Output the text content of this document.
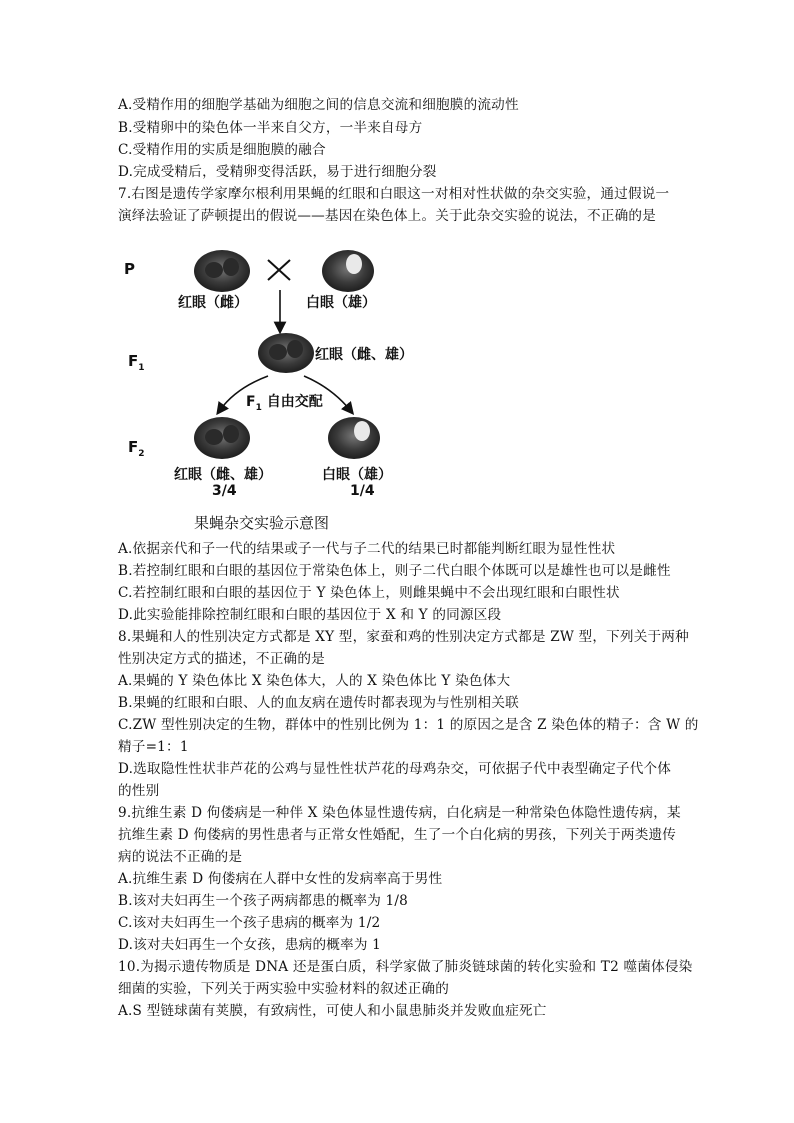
A.受精作用的细胞学基础为细胞之间的信息交流和细胞膜的流动性
B.受精卵中的染色体一半来自父方，一半来自母方
C.受精作用的实质是细胞膜的融合
D.完成受精后，受精卵变得活跃，易于进行细胞分裂
7.右图是遗传学家摩尔根利用果蝇的红眼和白眼这一对相对性状做的杂交实验，通过假说一
演绎法验证了萨顿提出的假说——基因在染色体上。关于此杂交实验的说法，不正确的是
P
红眼（雌）	白眼（雄）
$F_1$
红眼（雌、雄）
$F_1$ 自由交配
$F_2$
红眼（雌、雄）
3/4
白眼（雄）
1/4
果蝇杂交实验示意图
A.依据亲代和子一代的结果或子一代与子二代的结果已时都能判断红眼为显性性状
B.若控制红眼和白眼的基因位于常染色体上，则子二代白眼个体既可以是雄性也可以是雌性
C.若控制红眼和白眼的基因位于 Y 染色体上，则雌果蝇中不会出现红眼和白眼性状
D.此实验能排除控制红眼和白眼的基因位于 X 和 Y 的同源区段
8.果蝇和人的性别决定方式都是 XY 型，家蚕和鸡的性别决定方式都是 ZW 型，下列关于两种
性别决定方式的描述，不正确的是
A.果蝇的 Y 染色体比 X 染色体大，人的 X 染色体比 Y 染色体大
B.果蝇的红眼和白眼、人的血友病在遗传时都表现为与性别相关联
C.ZW 型性别决定的生物，群体中的性别比例为 1：1 的原因之是含 Z 染色体的精子：含 W 的
精子=1：1
D.选取隐性性状非芦花的公鸡与显性性状芦花的母鸡杂交，可依据子代中表型确定子代个体
的性别
9.抗维生素 D 佝偻病是一种伴 X 染色体显性遗传病，白化病是一种常染色体隐性遗传病，某
抗维生素 D 佝偻病的男性患者与正常女性婚配，生了一个白化病的男孩，下列关于两类遗传
病的说法不正确的是
A.抗维生素 D 佝偻病在人群中女性的发病率高于男性
B.该对夫妇再生一个孩子两病都患的概率为 1/8
C.该对夫妇再生一个孩子患病的概率为 1/2
D.该对夫妇再生一个女孩，患病的概率为 1
10.为揭示遗传物质是 DNA 还是蛋白质，科学家做了肺炎链球菌的转化实验和 T2 噬菌体侵染
细菌的实验，下列关于两实验中实验材料的叙述正确的
A.S 型链球菌有荚膜，有致病性，可使人和小鼠患肺炎并发败血症死亡
